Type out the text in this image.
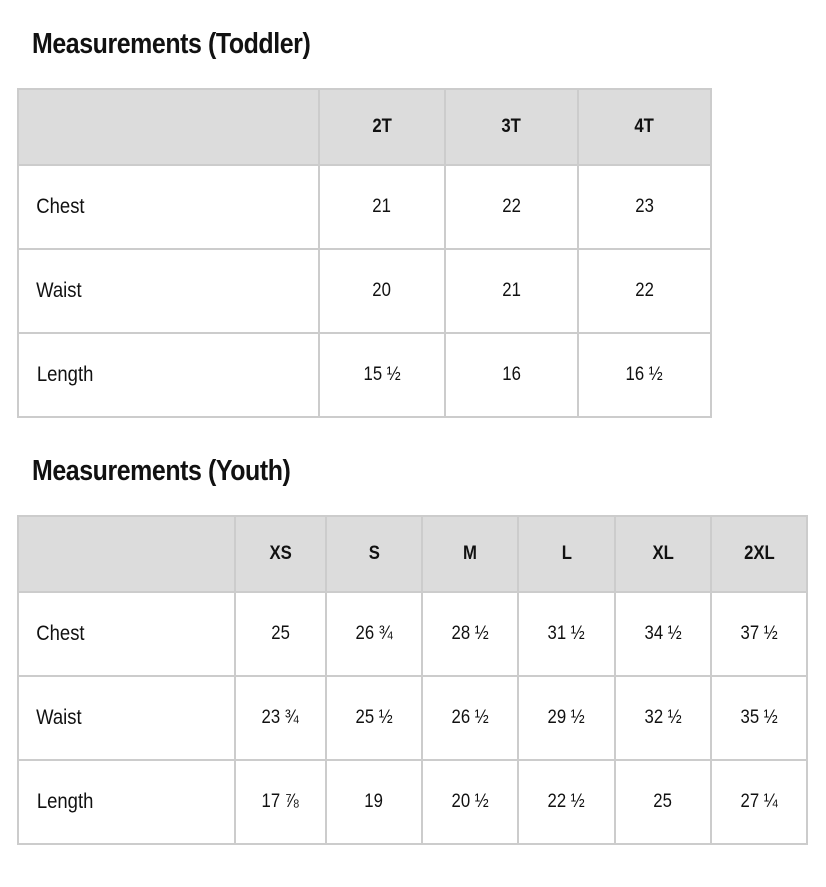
Measurements (Toddler)
	2T	3T	4T
Chest	21	22	23
Waist	20	21	22
Length	15 ½	16	16 ½
Measurements (Youth)
	XS	S	M	L	XL	2XL
Chest	25	26 ¾	28 ½	31 ½	34 ½	37 ½
Waist	23 ¾	25 ½	26 ½	29 ½	32 ½	35 ½
Length	17 ⅞	19	20 ½	22 ½	25	27 ¼
